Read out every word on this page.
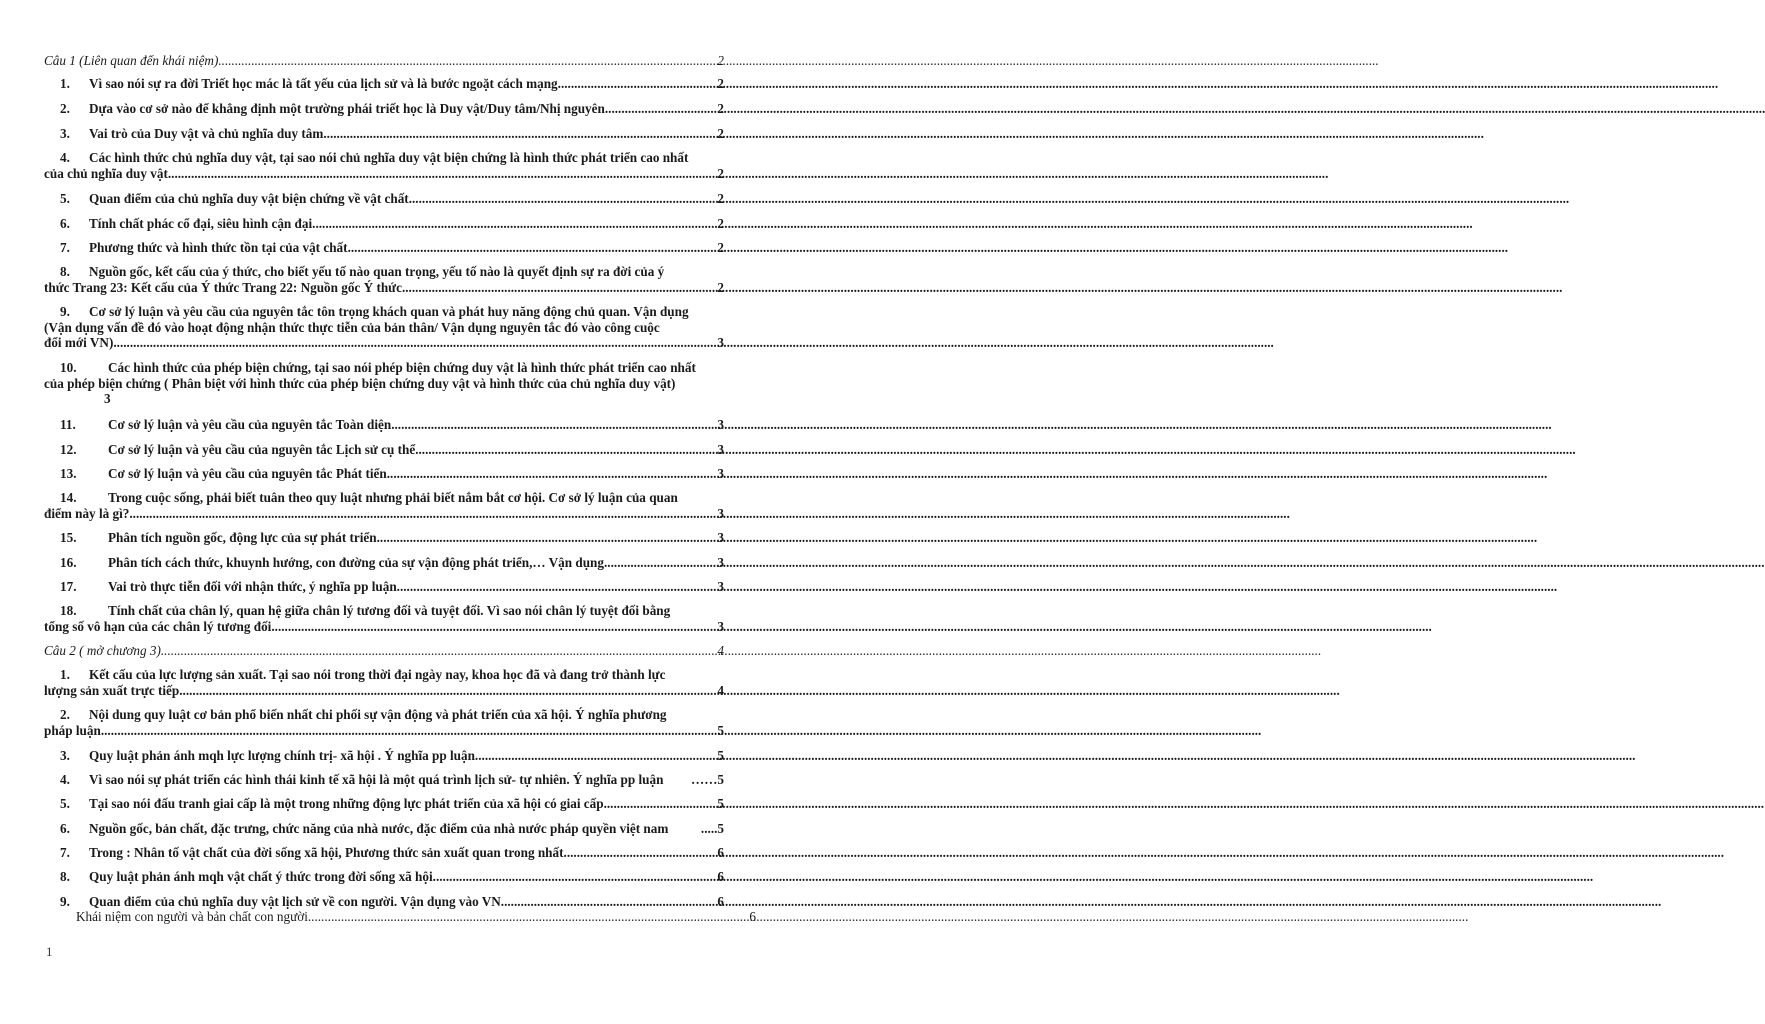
Câu 1 (Liên quan đến khái niệm) .....	2
1. Vì sao nói sự ra đời Triết học mác là tất yếu của lịch sử và là bước ngoặt cách mạng .....	2
2. Dựa vào cơ sở nào để khẳng định một trường phái triết học là Duy vật/Duy tâm/Nhị nguyên .....	2
3. Vai trò của Duy vật và chủ nghĩa duy tâm .....	2
4. Các hình thức chủ nghĩa duy vật, tại sao nói chủ nghĩa duy vật biện chứng là hình thức phát triển cao nhất
của chủ nghĩa duy vật .....	2
5. Quan điểm của chủ nghĩa duy vật biện chứng về vật chất .....	2
6. Tính chất phác cổ đại, siêu hình cận đại .....	2
7. Phương thức và hình thức tồn tại của vật chất .....	2
8. Nguồn gốc, kết cấu của ý thức, cho biết yếu tố nào quan trọng, yếu tố nào là quyết định sự ra đời của ý
thức Trang 23: Kết cấu của Ý thức Trang 22: Nguồn gốc Ý thức .....	2
9. Cơ sở lý luận và yêu cầu của nguyên tắc tôn trọng khách quan và phát huy năng động chủ quan. Vận dụng
(Vận dụng vấn đề đó vào hoạt động nhận thức thực tiễn của bản thân/ Vận dụng nguyên tắc đó vào công cuộc
đổi mới VN) .....	3
10. Các hình thức của phép biện chứng, tại sao nói phép biện chứng duy vật là hình thức phát triển cao nhất
của phép biện chứng ( Phân biệt với hình thức của phép biện chứng duy vật và hình thức của chủ nghĩa duy vật)
3
11. Cơ sở lý luận và yêu cầu của nguyên tắc Toàn diện .....	3
12. Cơ sở lý luận và yêu cầu của nguyên tắc Lịch sử cụ thể .....	3
13. Cơ sở lý luận và yêu cầu của nguyên tắc Phát tiển .....	3
14. Trong cuộc sống, phải biết tuân theo quy luật nhưng phải biết nắm bắt cơ hội. Cơ sở lý luận của quan
điểm này là gì? .....	3
15. Phân tích nguồn gốc, động lực của sự phát triển .....	3
16. Phân tích cách thức, khuynh hướng, con đường của sự vận động phát triển,… Vận dụng .....	3
17. Vai trò thực tiễn đối với nhận thức, ý nghĩa pp luận .....	3
18. Tính chất của chân lý, quan hệ giữa chân lý tương đối và tuyệt đối. Vì sao nói chân lý tuyệt đối bằng
tổng số vô hạn của các chân lý tương đối .....	3
Câu 2 ( mở chương 3) .....	4
1. Kết cấu của lực lượng sản xuất. Tại sao nói trong thời đại ngày nay, khoa học đã và đang trở thành lực
lượng sản xuất trực tiếp .....	4
2. Nội dung quy luật cơ bản phổ biến nhất chi phối sự vận động và phát triển của xã hội. Ý nghĩa phương
pháp luận .....	5
3. Quy luật phản ánh mqh lực lượng chính trị- xã hội . Ý nghĩa pp luận .....	5
4. Vì sao nói sự phát triển các hình thái kinh tế xã hội là một quá trình lịch sử- tự nhiên. Ý nghĩa pp luận	…… 5
5. Tại sao nói đấu tranh giai cấp là một trong những động lực phát triển của xã hội có giai cấp .....	5
6. Nguồn gốc, bản chất, đặc trưng, chức năng của nhà nước, đặc điểm của nhà nước pháp quyền việt nam	..... 5
7. Trong : Nhân tố vật chất của đời sống xã hội, Phương thức sản xuất quan trong nhất .....	6
8. Quy luật phản ánh mqh vật chất ý thức trong đời sống xã hội .....	6
9. Quan điểm của chủ nghĩa duy vật lịch sử về con người. Vận dụng vào VN .....	6
Khái niệm con người và bản chất con người .....	6
1
